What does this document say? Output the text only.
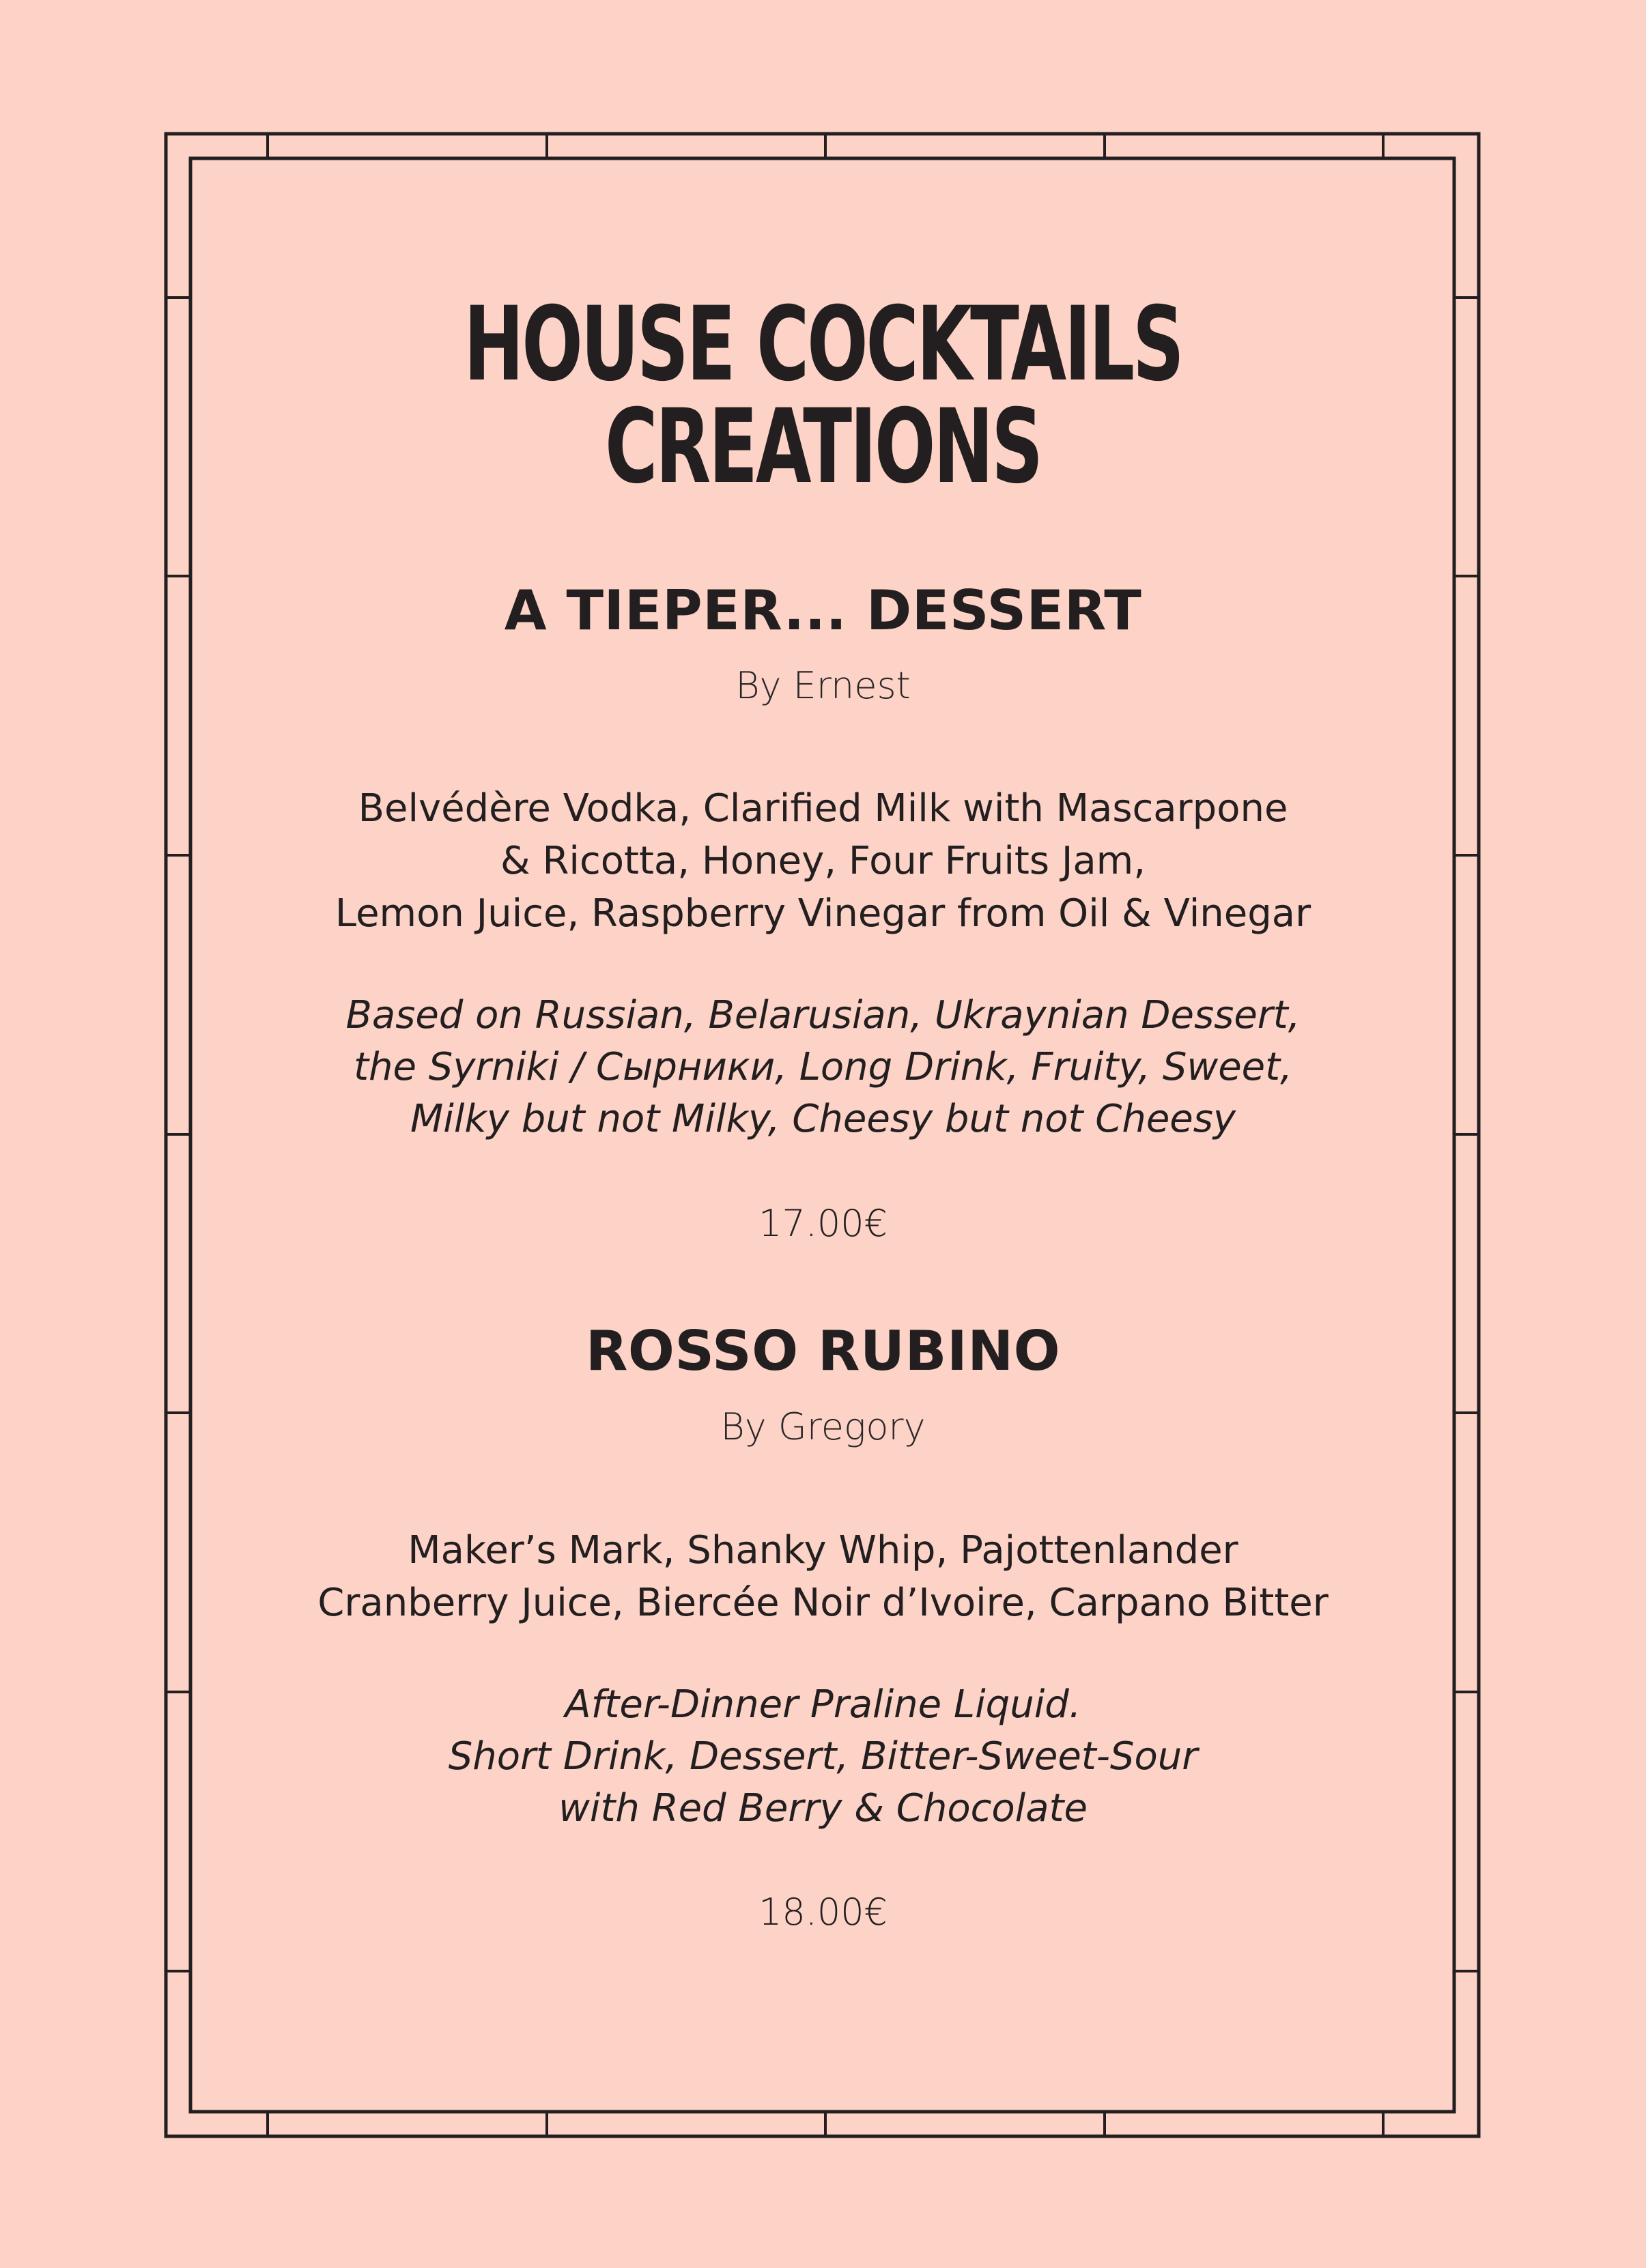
HOUSE COCKTAILS
CREATIONS
A TIEPER... DESSERT
By Ernest
Belvédère Vodka, Clarified Milk with Mascarpone
& Ricotta, Honey, Four Fruits Jam,
Lemon Juice, Raspberry Vinegar from Oil & Vinegar
Based on Russian, Belarusian, Ukraynian Dessert,
the Syrniki / Сырники, Long Drink, Fruity, Sweet,
Milky but not Milky, Cheesy but not Cheesy
17.00€
ROSSO RUBINO
By Gregory
Maker’s Mark, Shanky Whip, Pajottenlander
Cranberry Juice, Biercée Noir d’Ivoire, Carpano Bitter
After-Dinner Praline Liquid.
Short Drink, Dessert, Bitter-Sweet-Sour
with Red Berry & Chocolate
18.00€
